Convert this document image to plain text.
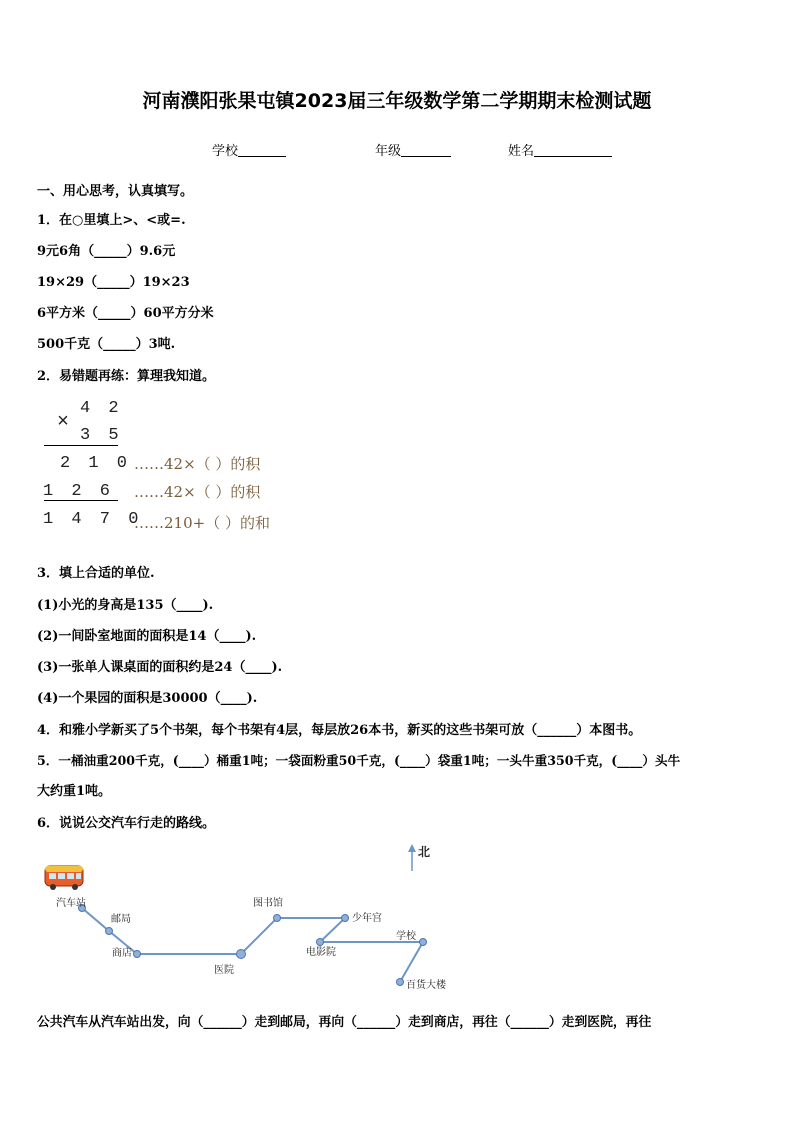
河南濮阳张果屯镇2023届三年级数学第二学期期末检测试题
学校	年级	姓名
一、用心思考，认真填写。
1．在○里填上>、<或=.
9元6角（_____）9.6元
19×29（_____）19×23
6平方米（_____）60平方分米
500千克（_____）3吨.
2．易错题再练：算理我知道。
4 2
×
3 5
2 1 0 ……42×（ ）的积
1 2 6 ……42×（ ）的积
1 4 7 0
……210+（ ）的和
3．填上合适的单位.
(1)小光的身高是135（____).
(2)一间卧室地面的面积是14（____).
(3)一张单人课桌面的面积约是24（____).
(4)一个果园的面积是30000（____).
4．和雅小学新买了5个书架，每个书架有4层，每层放26本书，新买的这些书架可放（______）本图书。
5．一桶油重200千克，(____）桶重1吨；一袋面粉重50千克，(____）袋重1吨；一头牛重350千克，(____）头牛
大约重1吨。
6．说说公交汽车行走的路线。
北
汽车站
邮局
商店
医院
图书馆
少年宫
电影院
学校
百货大楼
公共汽车从汽车站出发，向（______）走到邮局，再向（______）走到商店，再往（______）走到医院，再往
